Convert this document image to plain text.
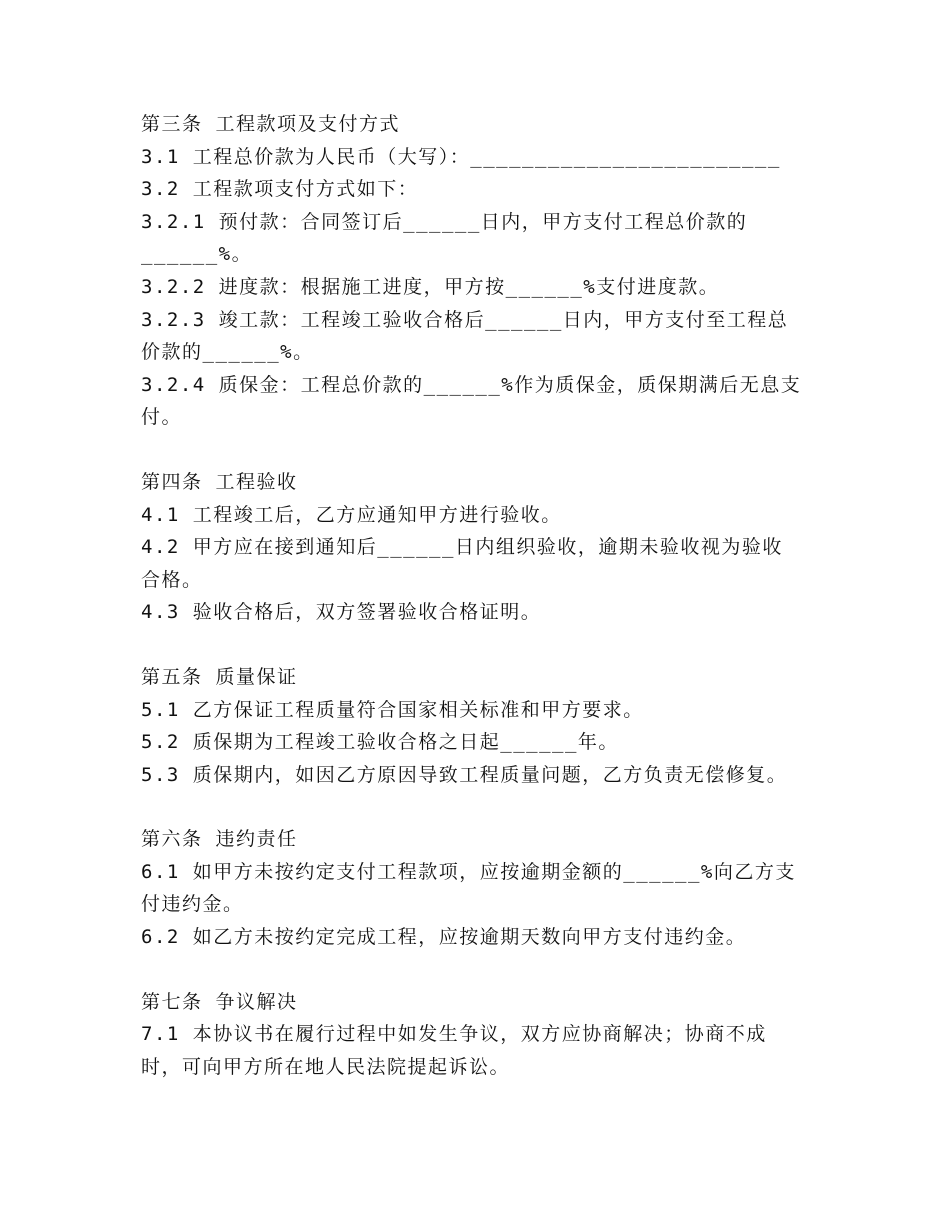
第三条 工程款项及支付方式
3.1 工程总价款为人民币（大写）：________________________
3.2 工程款项支付方式如下：
3.2.1 预付款：合同签订后______日内，甲方支付工程总价款的
______%。
3.2.2 进度款：根据施工进度，甲方按______%支付进度款。
3.2.3 竣工款：工程竣工验收合格后______日内，甲方支付至工程总
价款的______%。
3.2.4 质保金：工程总价款的______%作为质保金，质保期满后无息支
付。
第四条 工程验收
4.1 工程竣工后，乙方应通知甲方进行验收。
4.2 甲方应在接到通知后______日内组织验收，逾期未验收视为验收
合格。
4.3 验收合格后，双方签署验收合格证明。
第五条 质量保证
5.1 乙方保证工程质量符合国家相关标准和甲方要求。
5.2 质保期为工程竣工验收合格之日起______年。
5.3 质保期内，如因乙方原因导致工程质量问题，乙方负责无偿修复。
第六条 违约责任
6.1 如甲方未按约定支付工程款项，应按逾期金额的______%向乙方支
付违约金。
6.2 如乙方未按约定完成工程，应按逾期天数向甲方支付违约金。
第七条 争议解决
7.1 本协议书在履行过程中如发生争议，双方应协商解决；协商不成
时，可向甲方所在地人民法院提起诉讼。
